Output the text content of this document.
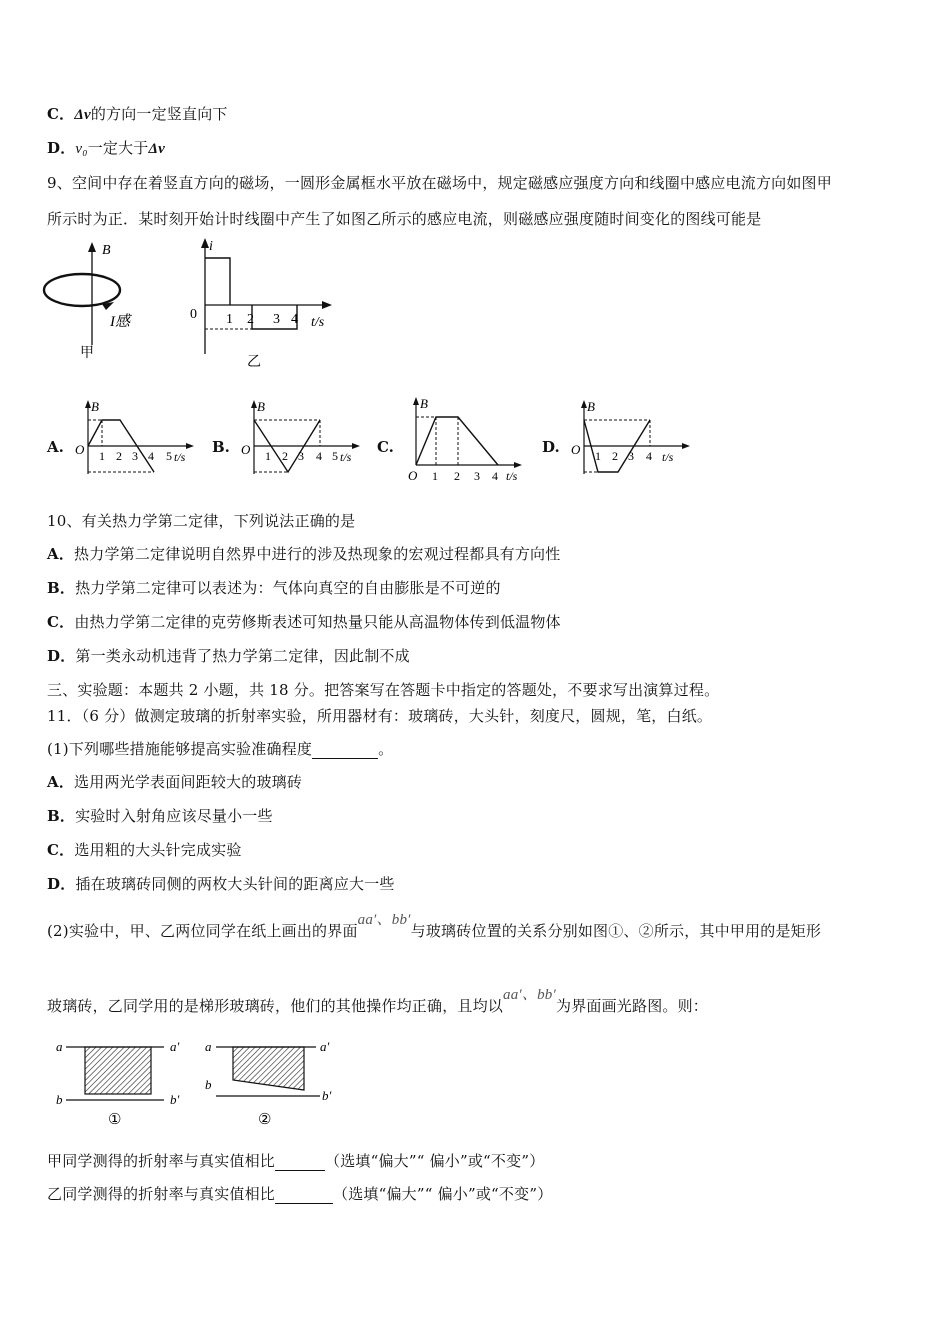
C．Δv的方向一定竖直向下
D．v₀一定大于Δv
9、空间中存在着竖直方向的磁场，一圆形金属框水平放在磁场中，规定磁感应强度方向和线圈中感应电流方向如图甲
所示时为正．某时刻开始计时线圈中产生了如图乙所示的感应电流，则磁感应强度随时间变化的图线可能是
B
I感
甲
i
0 1 2 3 4 t/s
乙
A.
B
O 1 2 3 4 5 t/s
B.
B
O 1 2 3 4 5 t/s
C.
B
O 1 2 3 4 t/s
D.
B
O 1 2 3 4 t/s
10、有关热力学第二定律，下列说法正确的是
A．热力学第二定律说明自然界中进行的涉及热现象的宏观过程都具有方向性
B．热力学第二定律可以表述为：气体向真空的自由膨胀是不可逆的
C．由热力学第二定律的克劳修斯表述可知热量只能从高温物体传到低温物体
D．第一类永动机违背了热力学第二定律，因此制不成
三、实验题：本题共 2 小题，共 18 分。把答案写在答题卡中指定的答题处，不要求写出演算过程。
11．（6 分）做测定玻璃的折射率实验，所用器材有：玻璃砖，大头针，刻度尺，圆规，笔，白纸。
(1)下列哪些措施能够提高实验准确程度	。
A．选用两光学表面间距较大的玻璃砖
B．实验时入射角应该尽量小一些
C．选用粗的大头针完成实验
D．插在玻璃砖同侧的两枚大头针间的距离应大一些
(2)实验中，甲、乙两位同学在纸上画出的界面aa′、bb′与玻璃砖位置的关系分别如图①、②所示，其中甲用的是矩形
玻璃砖，乙同学用的是梯形玻璃砖，他们的其他操作均正确，且均以aa′、bb′为界面画光路图。则：
a	a′
b	b′
①
a	a′
b
b′
②
甲同学测得的折射率与真实值相比	（选填“偏大”“ 偏小”或“不变”）
乙同学测得的折射率与真实值相比	（选填“偏大”“ 偏小”或“不变”）
